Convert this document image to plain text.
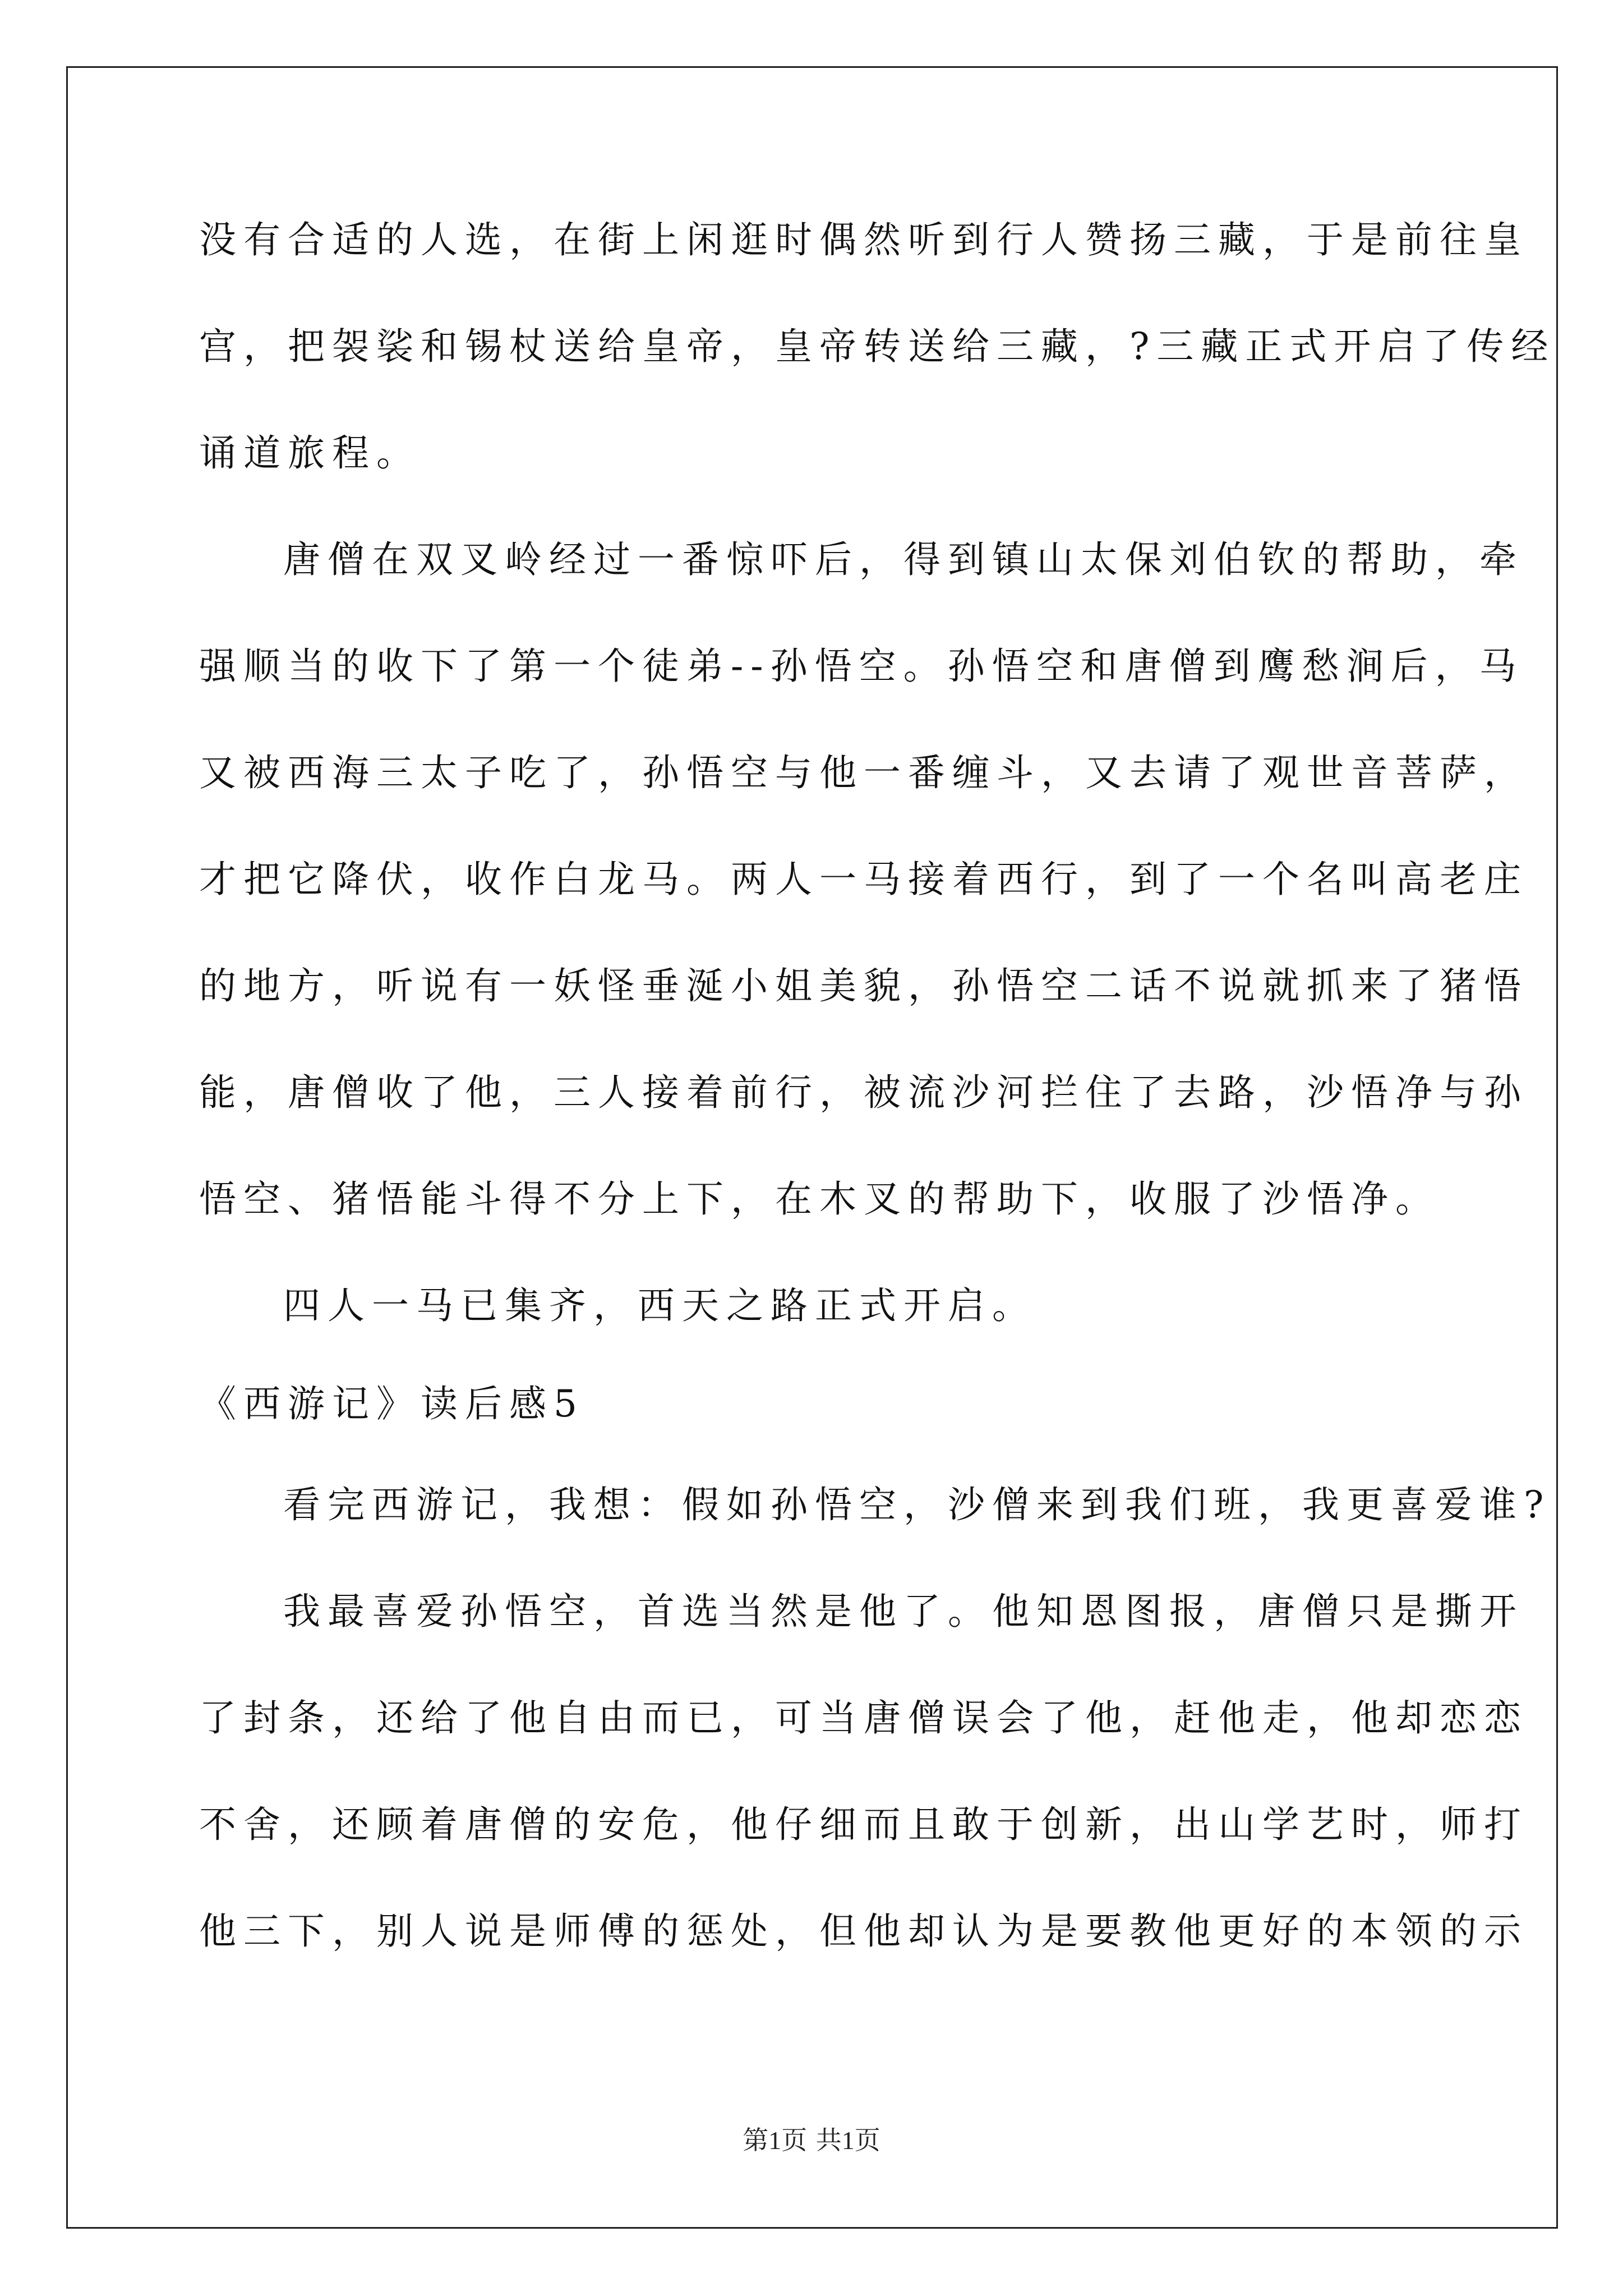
没有合适的人选，在街上闲逛时偶然听到行人赞扬三藏，于是前往皇
宫，把袈裟和锡杖送给皇帝，皇帝转送给三藏，?三藏正式开启了传经
诵道旅程。
唐僧在双叉岭经过一番惊吓后，得到镇山太保刘伯钦的帮助，牵
强顺当的收下了第一个徒弟--孙悟空。孙悟空和唐僧到鹰愁涧后，马
又被西海三太子吃了，孙悟空与他一番缠斗，又去请了观世音菩萨，
才把它降伏，收作白龙马。两人一马接着西行，到了一个名叫高老庄
的地方，听说有一妖怪垂涎小姐美貌，孙悟空二话不说就抓来了猪悟
能，唐僧收了他，三人接着前行，被流沙河拦住了去路，沙悟净与孙
悟空、猪悟能斗得不分上下，在木叉的帮助下，收服了沙悟净。
四人一马已集齐，西天之路正式开启。
《西游记》读后感5
看完西游记，我想：假如孙悟空，沙僧来到我们班，我更喜爱谁?
我最喜爱孙悟空，首选当然是他了。他知恩图报，唐僧只是撕开
了封条，还给了他自由而已，可当唐僧误会了他，赶他走，他却恋恋
不舍，还顾着唐僧的安危，他仔细而且敢于创新，出山学艺时，师打
他三下，别人说是师傅的惩处，但他却认为是要教他更好的本领的示
第1页 共1页
